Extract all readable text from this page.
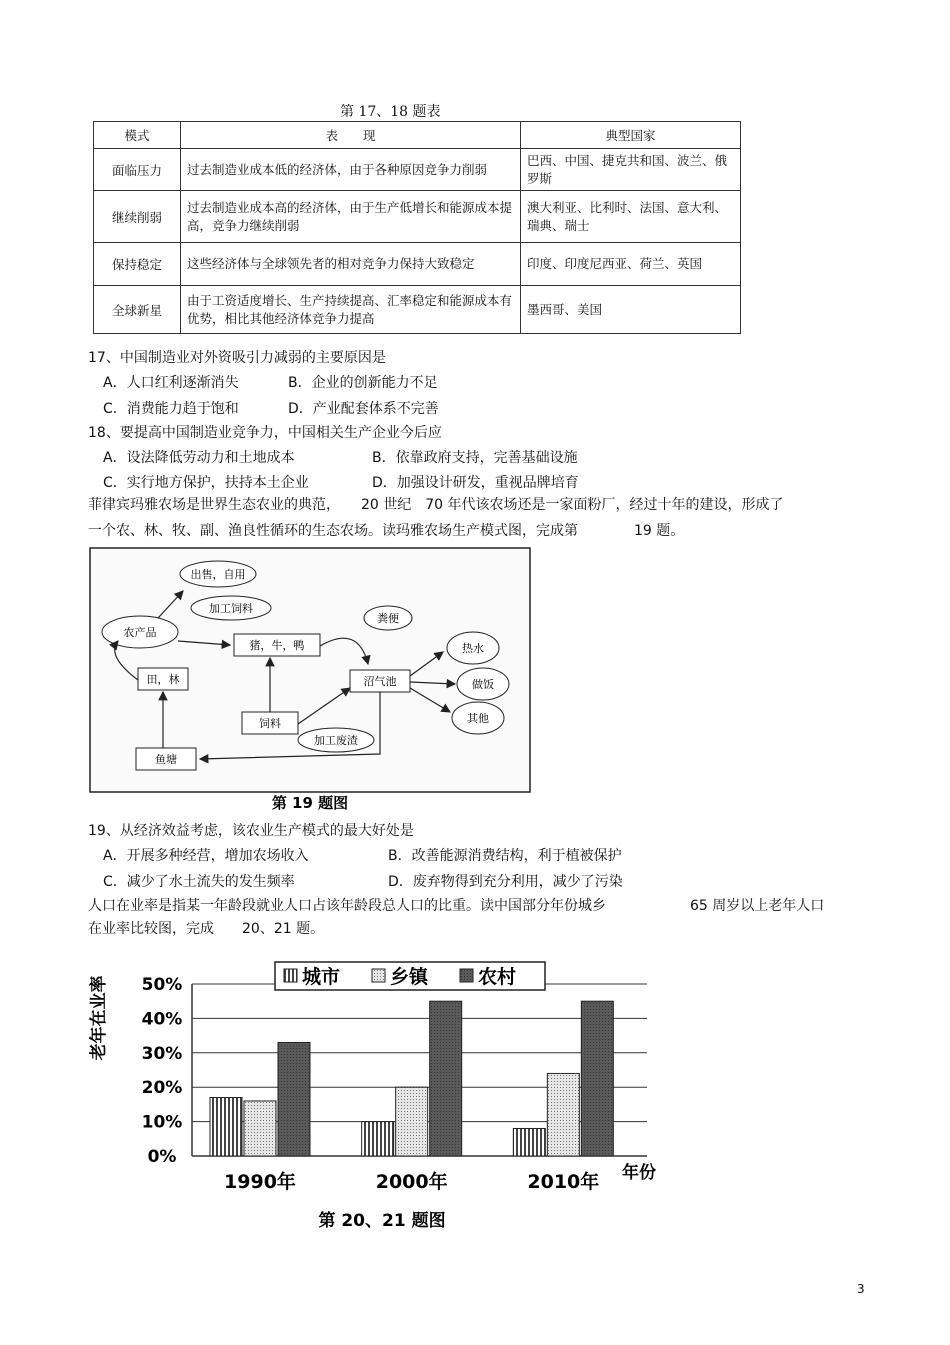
第 17、18 题表
模式	表　　现	典型国家
面临压力	过去制造业成本低的经济体，由于各种原因竞争力削弱	巴西、中国、捷克共和国、波兰、俄罗斯
继续削弱	过去制造业成本高的经济体，由于生产低增长和能源成本提高，竞争力继续削弱	澳大利亚、比利时、法国、意大利、瑞典、瑞士
保持稳定	这些经济体与全球领先者的相对竞争力保持大致稳定	印度、印度尼西亚、荷兰、英国
全球新星	由于工资适度增长、生产持续提高、汇率稳定和能源成本有优势，相比其他经济体竞争力提高	墨西哥、美国
17、中国制造业对外资吸引力减弱的主要原因是
A．人口红利逐渐消失	B．企业的创新能力不足
C．消费能力趋于饱和	D．产业配套体系不完善
18、要提高中国制造业竞争力，中国相关生产企业今后应
A．设法降低劳动力和土地成本	B．依靠政府支持，完善基础设施
C．实行地方保护，扶持本土企业	D．加强设计研发，重视品牌培育
菲律宾玛雅农场是世界生态农业的典范，　　20 世纪　70 年代该农场还是一家面粉厂，经过十年的建设，形成了
一个农、林、牧、副、渔良性循环的生态农场。读玛雅农场生产模式图，完成第　　　　19 题。
出售，自用
加工饲料
农产品
猪，牛，鸭
粪便
田，林	沼气池
热水
做饭
其他
饲料
加工废渣
鱼塘
第 19 题图
19、从经济效益考虑，该农业生产模式的最大好处是
A．开展多种经营，增加农场收入	B．改善能源消费结构，利于植被保护
C．减少了水土流失的发生频率	D．废弃物得到充分利用，减少了污染
人口在业率是指某一年龄段就业人口占该年龄段总人口的比重。读中国部分年份城乡　　　　　　65 周岁以上老年人口
在业率比较图，完成　　20、21 题。
0%
10%
20%
30%
40%
50%
1990年	2000年	2010年
老年在业率
年份
城市	乡镇	农村
第 20、21 题图
3
